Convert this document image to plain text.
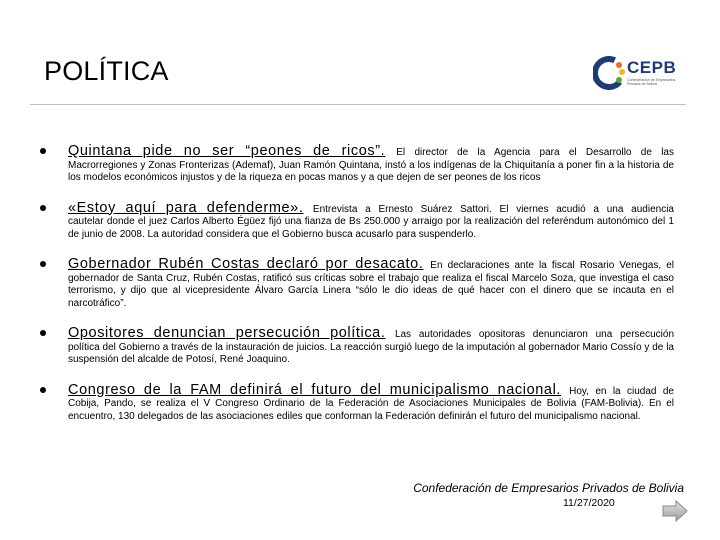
POLÍTICA	CEPB
Confederación de Empresarios Privados de Bolivia
Quintana pide no ser “peones de ricos”. El director de la Agencia para el Desarrollo de las
Macrorregiones y Zonas Fronterizas (Ademaf), Juan Ramón Quintana, instó a los indígenas de la Chiquitanía a poner fin a la historia de los modelos económicos injustos y de la riqueza en pocas manos y a que dejen de ser peones de los ricos
«Estoy aquí para defenderme». Entrevista a Ernesto Suárez Sattori. El viernes acudió a una audiencia
cautelar donde el juez Carlos Alberto Égüez fijó una fianza de Bs 250.000 y arraigo por la realización del referéndum autonómico del 1 de junio de 2008. La autoridad considera que el Gobierno busca acusarlo para suspenderlo.
Gobernador Rubén Costas declaró por desacato. En declaraciones ante la fiscal Rosario Venegas, el
gobernador de Santa Cruz, Rubén Costas, ratificó sus críticas sobre el trabajo que realiza el fiscal Marcelo Soza, que investiga el caso terrorismo, y dijo que al vicepresidente Álvaro García Linera “sólo le dio ideas de qué hacer con el dinero que se incauta en el narcotráfico”.
Opositores denuncian persecución política. Las autoridades opositoras denunciaron una persecución
política del Gobierno a través de la instauración de juicios. La reacción surgió luego de la imputación al gobernador Mario Cossío y de la suspensión del alcalde de Potosí, René Joaquino.
Congreso de la FAM definirá el futuro del municipalismo nacional. Hoy, en la ciudad de
Cobija, Pando, se realiza el V Congreso Ordinario de la Federación de Asociaciones Municipales de Bolivia (FAM-Bolivia). En el encuentro, 130 delegados de las asociaciones ediles que conforman la Federación definirán el futuro del municipalismo nacional.
Confederación de Empresarios Privados de Bolivia
11/27/2020
